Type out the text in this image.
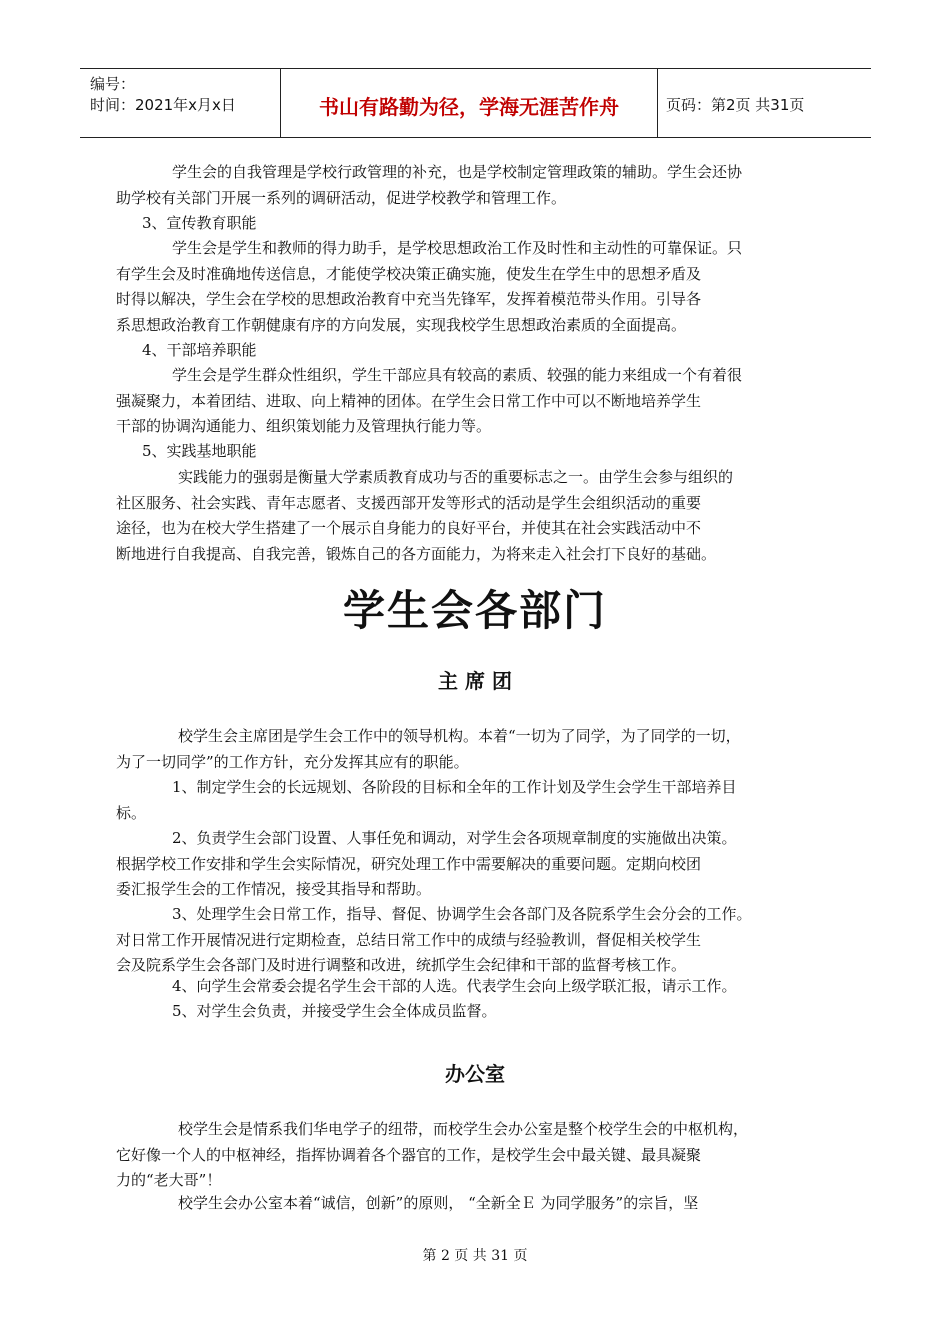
编号：
时间：2021年x月x日	书山有路勤为径，学海无涯苦作舟	页码：第2页 共31页
学生会的自我管理是学校行政管理的补充，也是学校制定管理政策的辅助。学生会还协
助学校有关部门开展一系列的调研活动，促进学校教学和管理工作。
3、宣传教育职能
学生会是学生和教师的得力助手，是学校思想政治工作及时性和主动性的可靠保证。只
有学生会及时准确地传送信息，才能使学校决策正确实施，使发生在学生中的思想矛盾及
时得以解决，学生会在学校的思想政治教育中充当先锋军，发挥着模范带头作用。引导各
系思想政治教育工作朝健康有序的方向发展，实现我校学生思想政治素质的全面提高。
4、干部培养职能
学生会是学生群众性组织，学生干部应具有较高的素质、较强的能力来组成一个有着很
强凝聚力，本着团结、进取、向上精神的团体。在学生会日常工作中可以不断地培养学生
干部的协调沟通能力、组织策划能力及管理执行能力等。
5、实践基地职能
实践能力的强弱是衡量大学素质教育成功与否的重要标志之一。由学生会参与组织的
社区服务、社会实践、青年志愿者、支援西部开发等形式的活动是学生会组织活动的重要
途径，也为在校大学生搭建了一个展示自身能力的良好平台，并使其在社会实践活动中不
断地进行自我提高、自我完善，锻炼自己的各方面能力，为将来走入社会打下良好的基础。
学生会各部门
主 席 团
校学生会主席团是学生会工作中的领导机构。本着“一切为了同学，为了同学的一切，
为了一切同学”的工作方针，充分发挥其应有的职能。
1、制定学生会的长远规划、各阶段的目标和全年的工作计划及学生会学生干部培养目
标。
2、负责学生会部门设置、人事任免和调动，对学生会各项规章制度的实施做出决策。
根据学校工作安排和学生会实际情况，研究处理工作中需要解决的重要问题。定期向校团
委汇报学生会的工作情况，接受其指导和帮助。
3、处理学生会日常工作，指导、督促、协调学生会各部门及各院系学生会分会的工作。
对日常工作开展情况进行定期检查，总结日常工作中的成绩与经验教训，督促相关校学生
会及院系学生会各部门及时进行调整和改进，统抓学生会纪律和干部的监督考核工作。
4、向学生会常委会提名学生会干部的人选。代表学生会向上级学联汇报，请示工作。
5、对学生会负责，并接受学生会全体成员监督。
办公室
校学生会是情系我们华电学子的纽带，而校学生会办公室是整个校学生会的中枢机构，
它好像一个人的中枢神经，指挥协调着各个器官的工作，是校学生会中最关键、最具凝聚
力的“老大哥”！
校学生会办公室本着“诚信，创新”的原则， “全新全Ｅ 为同学服务”的宗旨，坚
第 2 页 共 31 页
